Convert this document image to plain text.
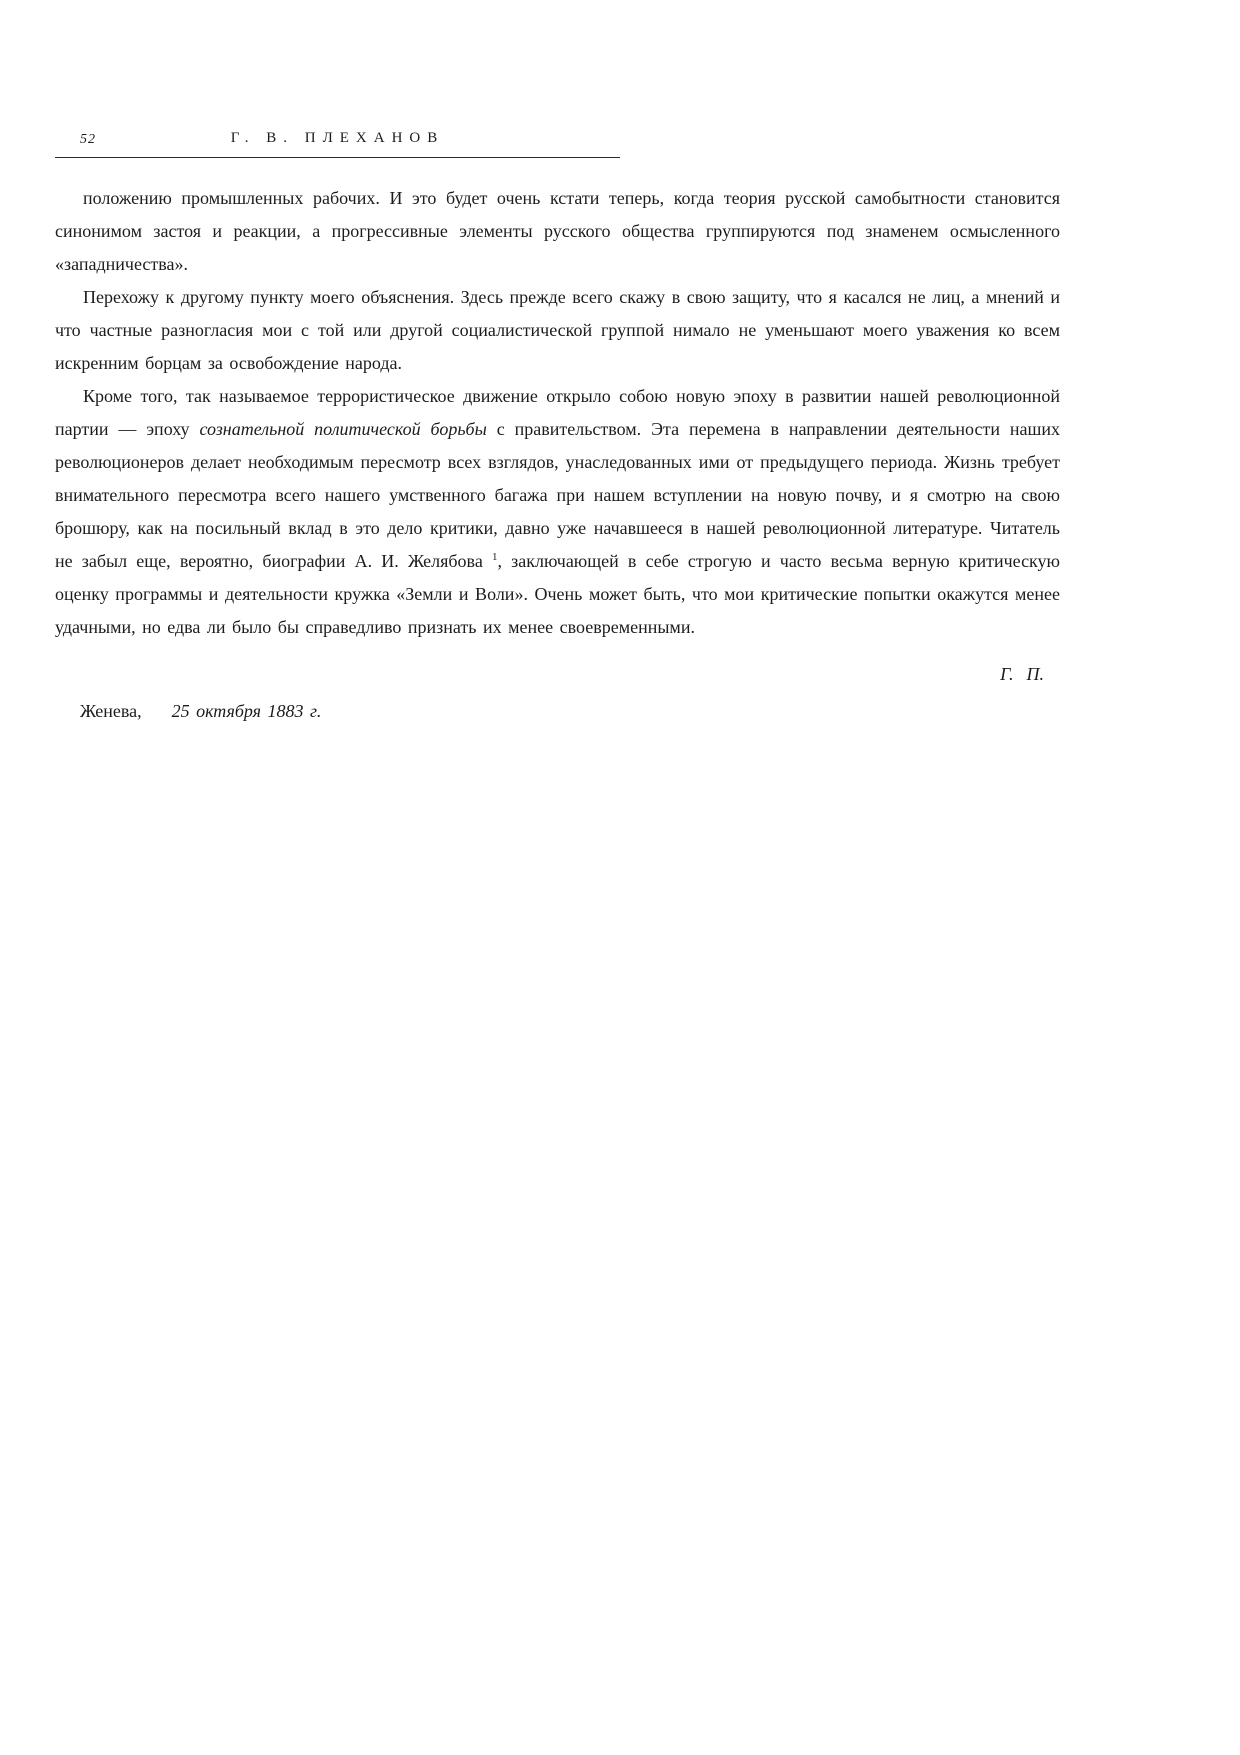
52	Г. В. ПЛЕХАНОВ

положению промышленных рабочих. И это будет очень кстати теперь, когда теория русской самобытности становится синонимом застоя и реакции, а прогрессивные элементы русского общества группируются под знаменем осмысленного «западничества».

Перехожу к другому пункту моего объяснения. Здесь прежде всего скажу в свою защиту, что я касался не лиц, а мнений и что частные разногласия мои с той или другой социалистической группой нимало не уменьшают моего уважения ко всем искренним борцам за освобождение народа.

Кроме того, так называемое террористическое движение открыло собою новую эпоху в развитии нашей революционной партии — эпоху сознательной политической борьбы с правительством. Эта перемена в направлении деятельности наших революционеров делает необходимым пересмотр всех взглядов, унаследованных ими от предыдущего периода. Жизнь требует внимательного пересмотра всего нашего умственного багажа при нашем вступлении на новую почву, и я смотрю на свою брошюру, как на посильный вклад в это дело критики, давно уже начавшееся в нашей революционной литературе. Читатель не забыл еще, вероятно, биографии А. И. Желябова $^1$, заключающей в себе строгую и часто весьма верную критическую оценку программы и деятельности кружка «Земли и Воли». Очень может быть, что мои критические попытки окажутся менее удачными, но едва ли было бы справедливо признать их менее своевременными.

Г.  П.

Женева, 25 октября 1883 г.
